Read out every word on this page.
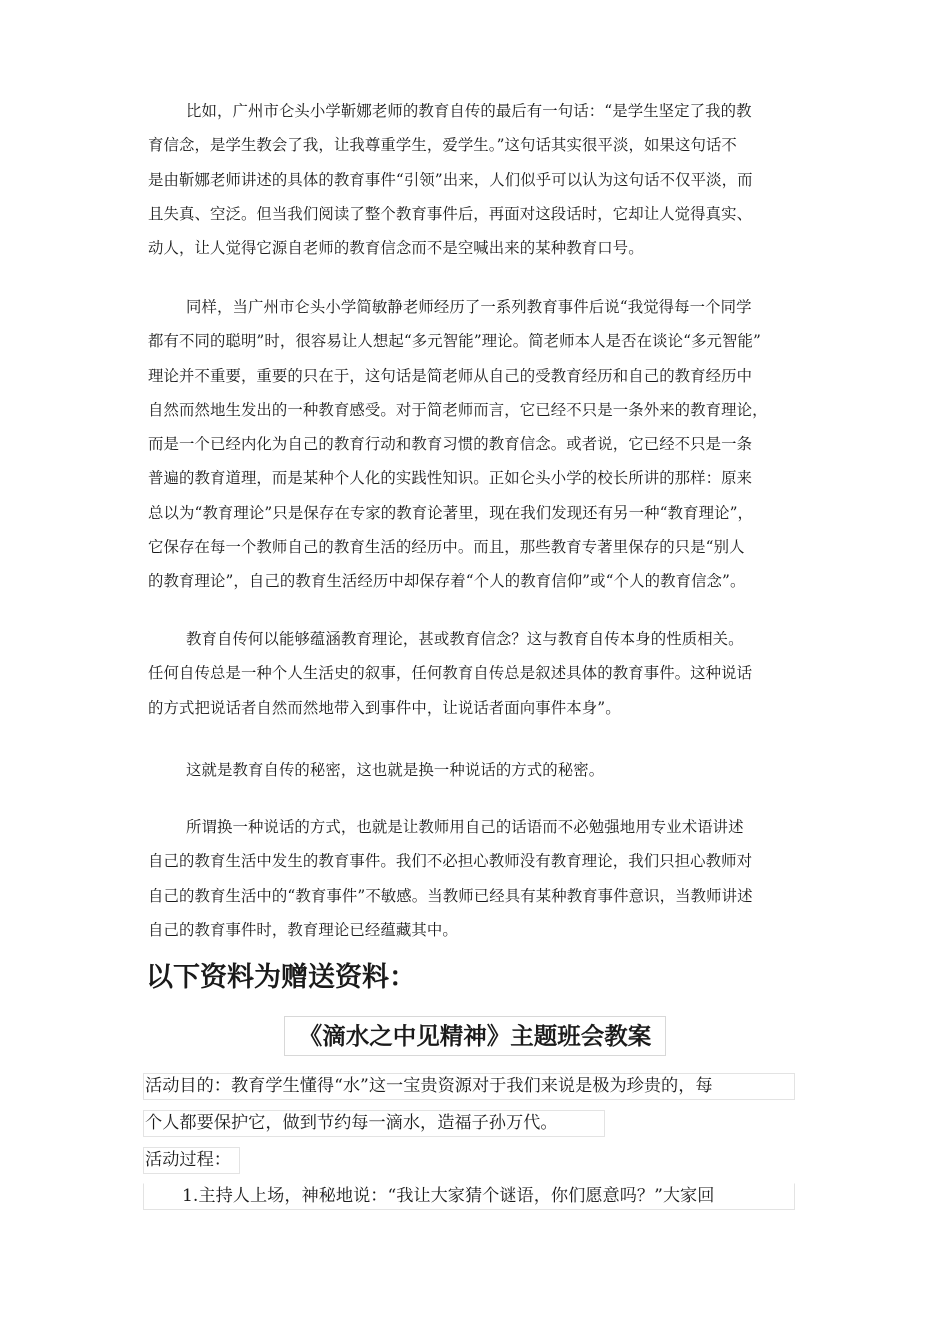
比如，广州市仑头小学靳娜老师的教育自传的最后有一句话：“是学生坚定了我的教
育信念，是学生教会了我，让我尊重学生，爱学生。”这句话其实很平淡，如果这句话不
是由靳娜老师讲述的具体的教育事件“引领”出来，人们似乎可以认为这句话不仅平淡，而
且失真、空泛。但当我们阅读了整个教育事件后，再面对这段话时，它却让人觉得真实、
动人，让人觉得它源自老师的教育信念而不是空喊出来的某种教育口号。
同样，当广州市仑头小学简敏静老师经历了一系列教育事件后说“我觉得每一个同学
都有不同的聪明”时，很容易让人想起“多元智能”理论。简老师本人是否在谈论“多元智能”
理论并不重要，重要的只在于，这句话是简老师从自己的受教育经历和自己的教育经历中
自然而然地生发出的一种教育感受。对于简老师而言，它已经不只是一条外来的教育理论，
而是一个已经内化为自己的教育行动和教育习惯的教育信念。或者说，它已经不只是一条
普遍的教育道理，而是某种个人化的实践性知识。正如仑头小学的校长所讲的那样：原来
总以为“教育理论”只是保存在专家的教育论著里，现在我们发现还有另一种“教育理论”，
它保存在每一个教师自己的教育生活的经历中。而且，那些教育专著里保存的只是“别人
的教育理论”，自己的教育生活经历中却保存着“个人的教育信仰”或“个人的教育信念”。
教育自传何以能够蕴涵教育理论，甚或教育信念？这与教育自传本身的性质相关。
任何自传总是一种个人生活史的叙事，任何教育自传总是叙述具体的教育事件。这种说话
的方式把说话者自然而然地带入到事件中，让说话者面向事件本身”。
这就是教育自传的秘密，这也就是换一种说话的方式的秘密。
所谓换一种说话的方式，也就是让教师用自己的话语而不必勉强地用专业术语讲述
自己的教育生活中发生的教育事件。我们不必担心教师没有教育理论，我们只担心教师对
自己的教育生活中的“教育事件”不敏感。当教师已经具有某种教育事件意识，当教师讲述
自己的教育事件时，教育理论已经蕴藏其中。
以下资料为赠送资料：
《滴水之中见精神》主题班会教案
活动目的：教育学生懂得“水”这一宝贵资源对于我们来说是极为珍贵的，每
个人都要保护它，做到节约每一滴水，造福子孙万代。
活动过程：
1.主持人上场，神秘地说：“我让大家猜个谜语，你们愿意吗？”大家回
